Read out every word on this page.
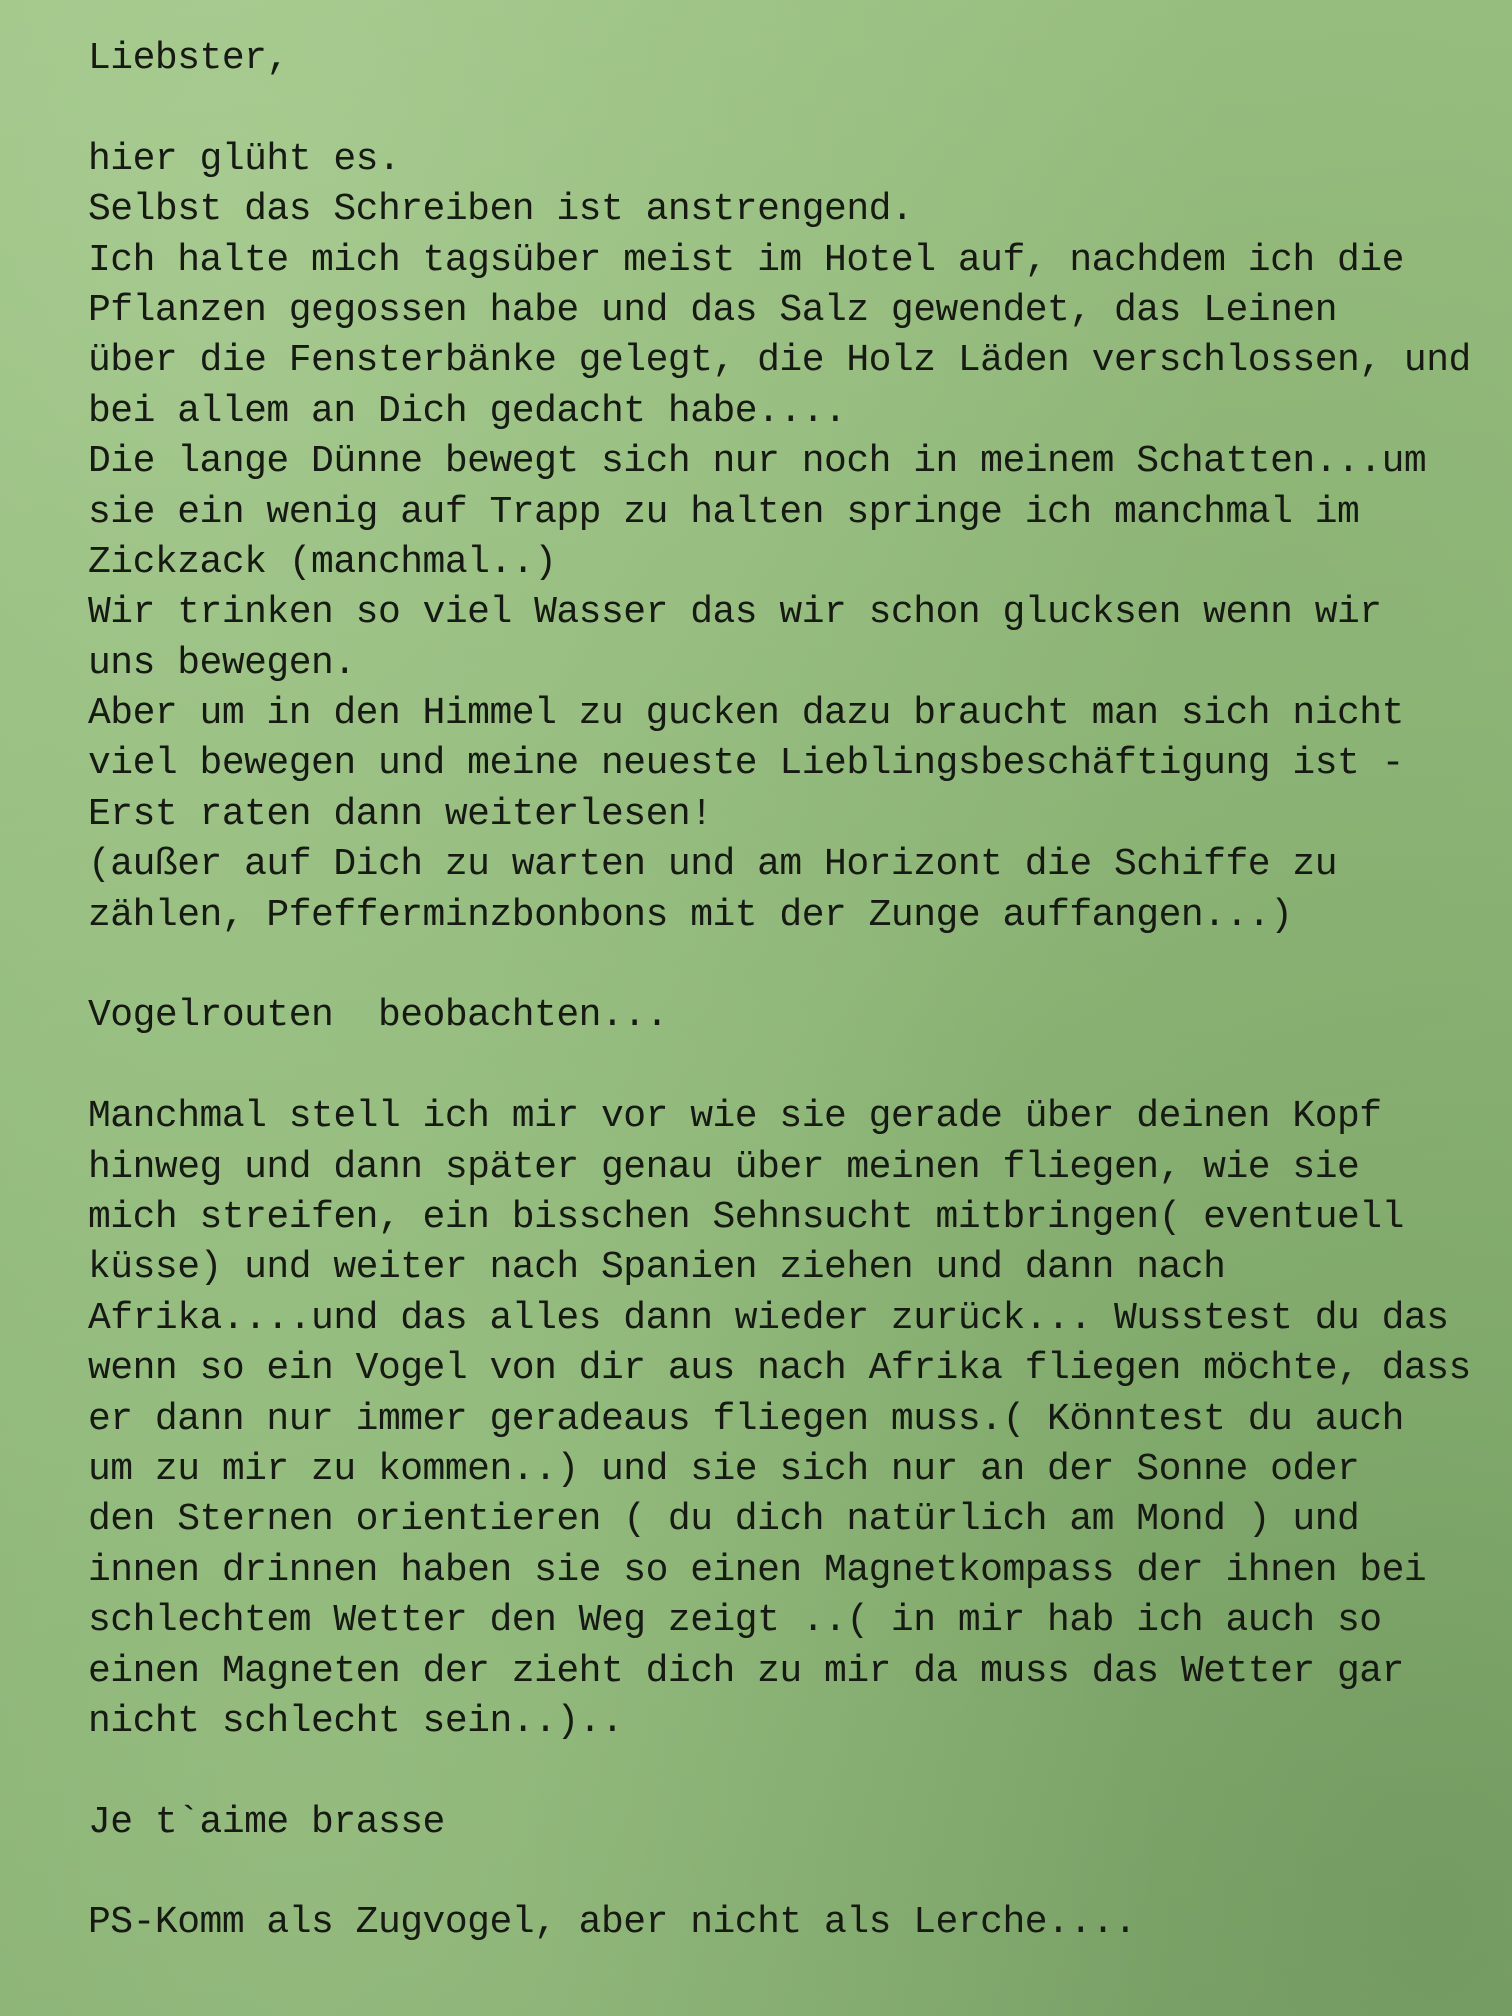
Liebster,
hier glüht es.
Selbst das Schreiben ist anstrengend.
Ich halte mich tagsüber meist im Hotel auf, nachdem ich die
Pflanzen gegossen habe und das Salz gewendet, das Leinen
über die Fensterbänke gelegt, die Holz Läden verschlossen, und
bei allem an Dich gedacht habe....
Die lange Dünne bewegt sich nur noch in meinem Schatten...um
sie ein wenig auf Trapp zu halten springe ich manchmal im
Zickzack (manchmal..)
Wir trinken so viel Wasser das wir schon glucksen wenn wir
uns bewegen.
Aber um in den Himmel zu gucken dazu braucht man sich nicht
viel bewegen und meine neueste Lieblingsbeschäftigung ist -
Erst raten dann weiterlesen!
(außer auf Dich zu warten und am Horizont die Schiffe zu
zählen, Pfefferminzbonbons mit der Zunge auffangen...)
Vogelrouten  beobachten...
Manchmal stell ich mir vor wie sie gerade über deinen Kopf
hinweg und dann später genau über meinen fliegen, wie sie
mich streifen, ein bisschen Sehnsucht mitbringen( eventuell
küsse) und weiter nach Spanien ziehen und dann nach
Afrika....und das alles dann wieder zurück... Wusstest du das
wenn so ein Vogel von dir aus nach Afrika fliegen möchte, dass
er dann nur immer geradeaus fliegen muss.( Könntest du auch
um zu mir zu kommen..) und sie sich nur an der Sonne oder
den Sternen orientieren ( du dich natürlich am Mond ) und
innen drinnen haben sie so einen Magnetkompass der ihnen bei
schlechtem Wetter den Weg zeigt ..( in mir hab ich auch so
einen Magneten der zieht dich zu mir da muss das Wetter gar
nicht schlecht sein..)..
Je t`aime brasse
PS-Komm als Zugvogel, aber nicht als Lerche....
